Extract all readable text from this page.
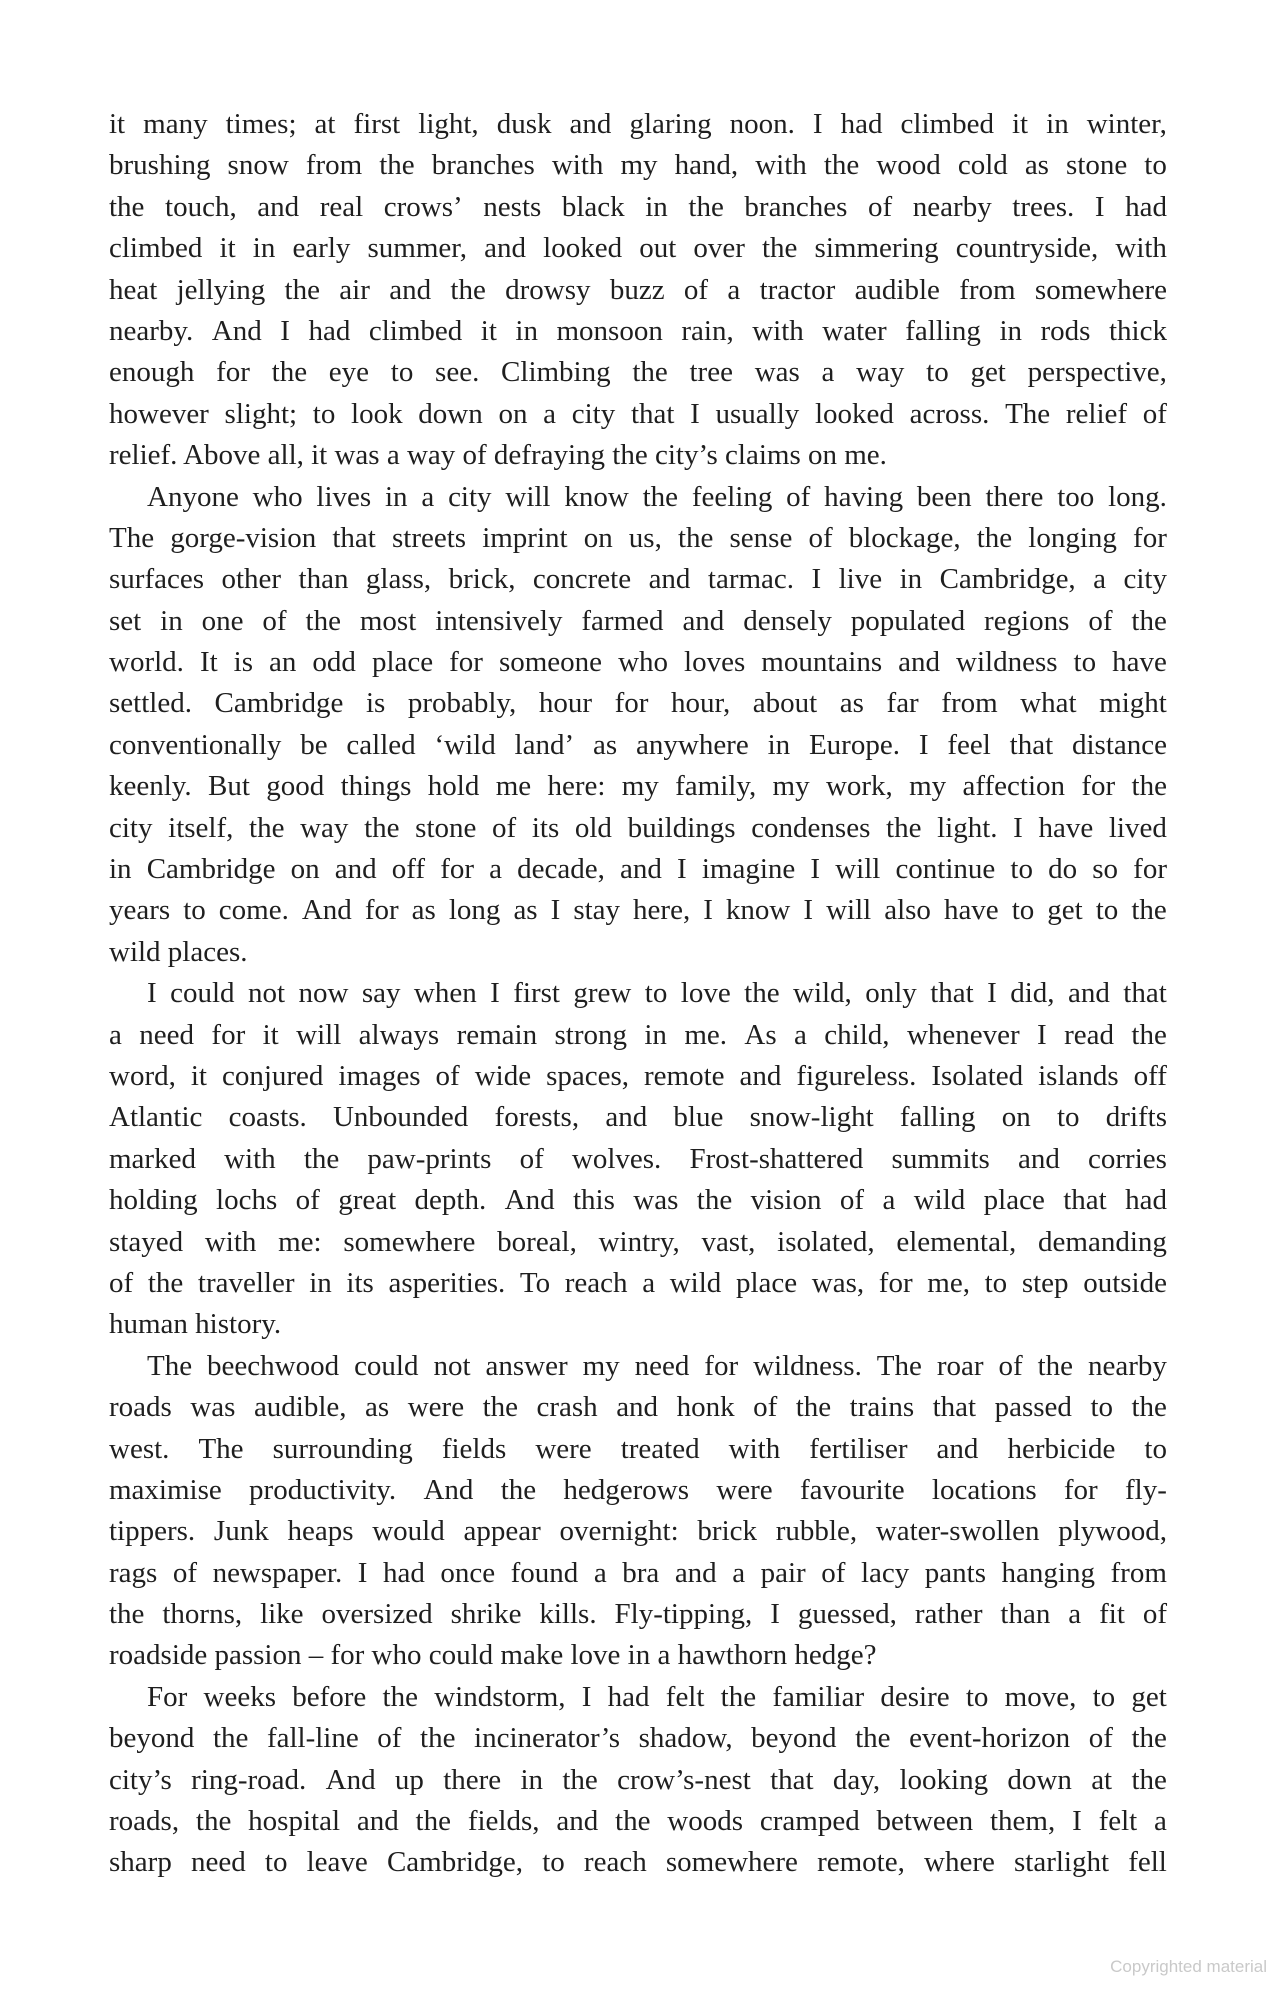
it many times; at first light, dusk and glaring noon. I had climbed it in winter,
brushing snow from the branches with my hand, with the wood cold as stone to
the touch, and real crows’ nests black in the branches of nearby trees. I had
climbed it in early summer, and looked out over the simmering countryside, with
heat jellying the air and the drowsy buzz of a tractor audible from somewhere
nearby. And I had climbed it in monsoon rain, with water falling in rods thick
enough for the eye to see. Climbing the tree was a way to get perspective,
however slight; to look down on a city that I usually looked across. The relief of
relief. Above all, it was a way of defraying the city’s claims on me.
Anyone who lives in a city will know the feeling of having been there too long.
The gorge-vision that streets imprint on us, the sense of blockage, the longing for
surfaces other than glass, brick, concrete and tarmac. I live in Cambridge, a city
set in one of the most intensively farmed and densely populated regions of the
world. It is an odd place for someone who loves mountains and wildness to have
settled. Cambridge is probably, hour for hour, about as far from what might
conventionally be called ‘wild land’ as anywhere in Europe. I feel that distance
keenly. But good things hold me here: my family, my work, my affection for the
city itself, the way the stone of its old buildings condenses the light. I have lived
in Cambridge on and off for a decade, and I imagine I will continue to do so for
years to come. And for as long as I stay here, I know I will also have to get to the
wild places.
I could not now say when I first grew to love the wild, only that I did, and that
a need for it will always remain strong in me. As a child, whenever I read the
word, it conjured images of wide spaces, remote and figureless. Isolated islands off
Atlantic coasts. Unbounded forests, and blue snow-light falling on to drifts
marked with the paw-prints of wolves. Frost-shattered summits and corries
holding lochs of great depth. And this was the vision of a wild place that had
stayed with me: somewhere boreal, wintry, vast, isolated, elemental, demanding
of the traveller in its asperities. To reach a wild place was, for me, to step outside
human history.
The beechwood could not answer my need for wildness. The roar of the nearby
roads was audible, as were the crash and honk of the trains that passed to the
west. The surrounding fields were treated with fertiliser and herbicide to
maximise productivity. And the hedgerows were favourite locations for fly-
tippers. Junk heaps would appear overnight: brick rubble, water-swollen plywood,
rags of newspaper. I had once found a bra and a pair of lacy pants hanging from
the thorns, like oversized shrike kills. Fly-tipping, I guessed, rather than a fit of
roadside passion – for who could make love in a hawthorn hedge?
For weeks before the windstorm, I had felt the familiar desire to move, to get
beyond the fall-line of the incinerator’s shadow, beyond the event-horizon of the
city’s ring-road. And up there in the crow’s-nest that day, looking down at the
roads, the hospital and the fields, and the woods cramped between them, I felt a
sharp need to leave Cambridge, to reach somewhere remote, where starlight fell
Copyrighted material
